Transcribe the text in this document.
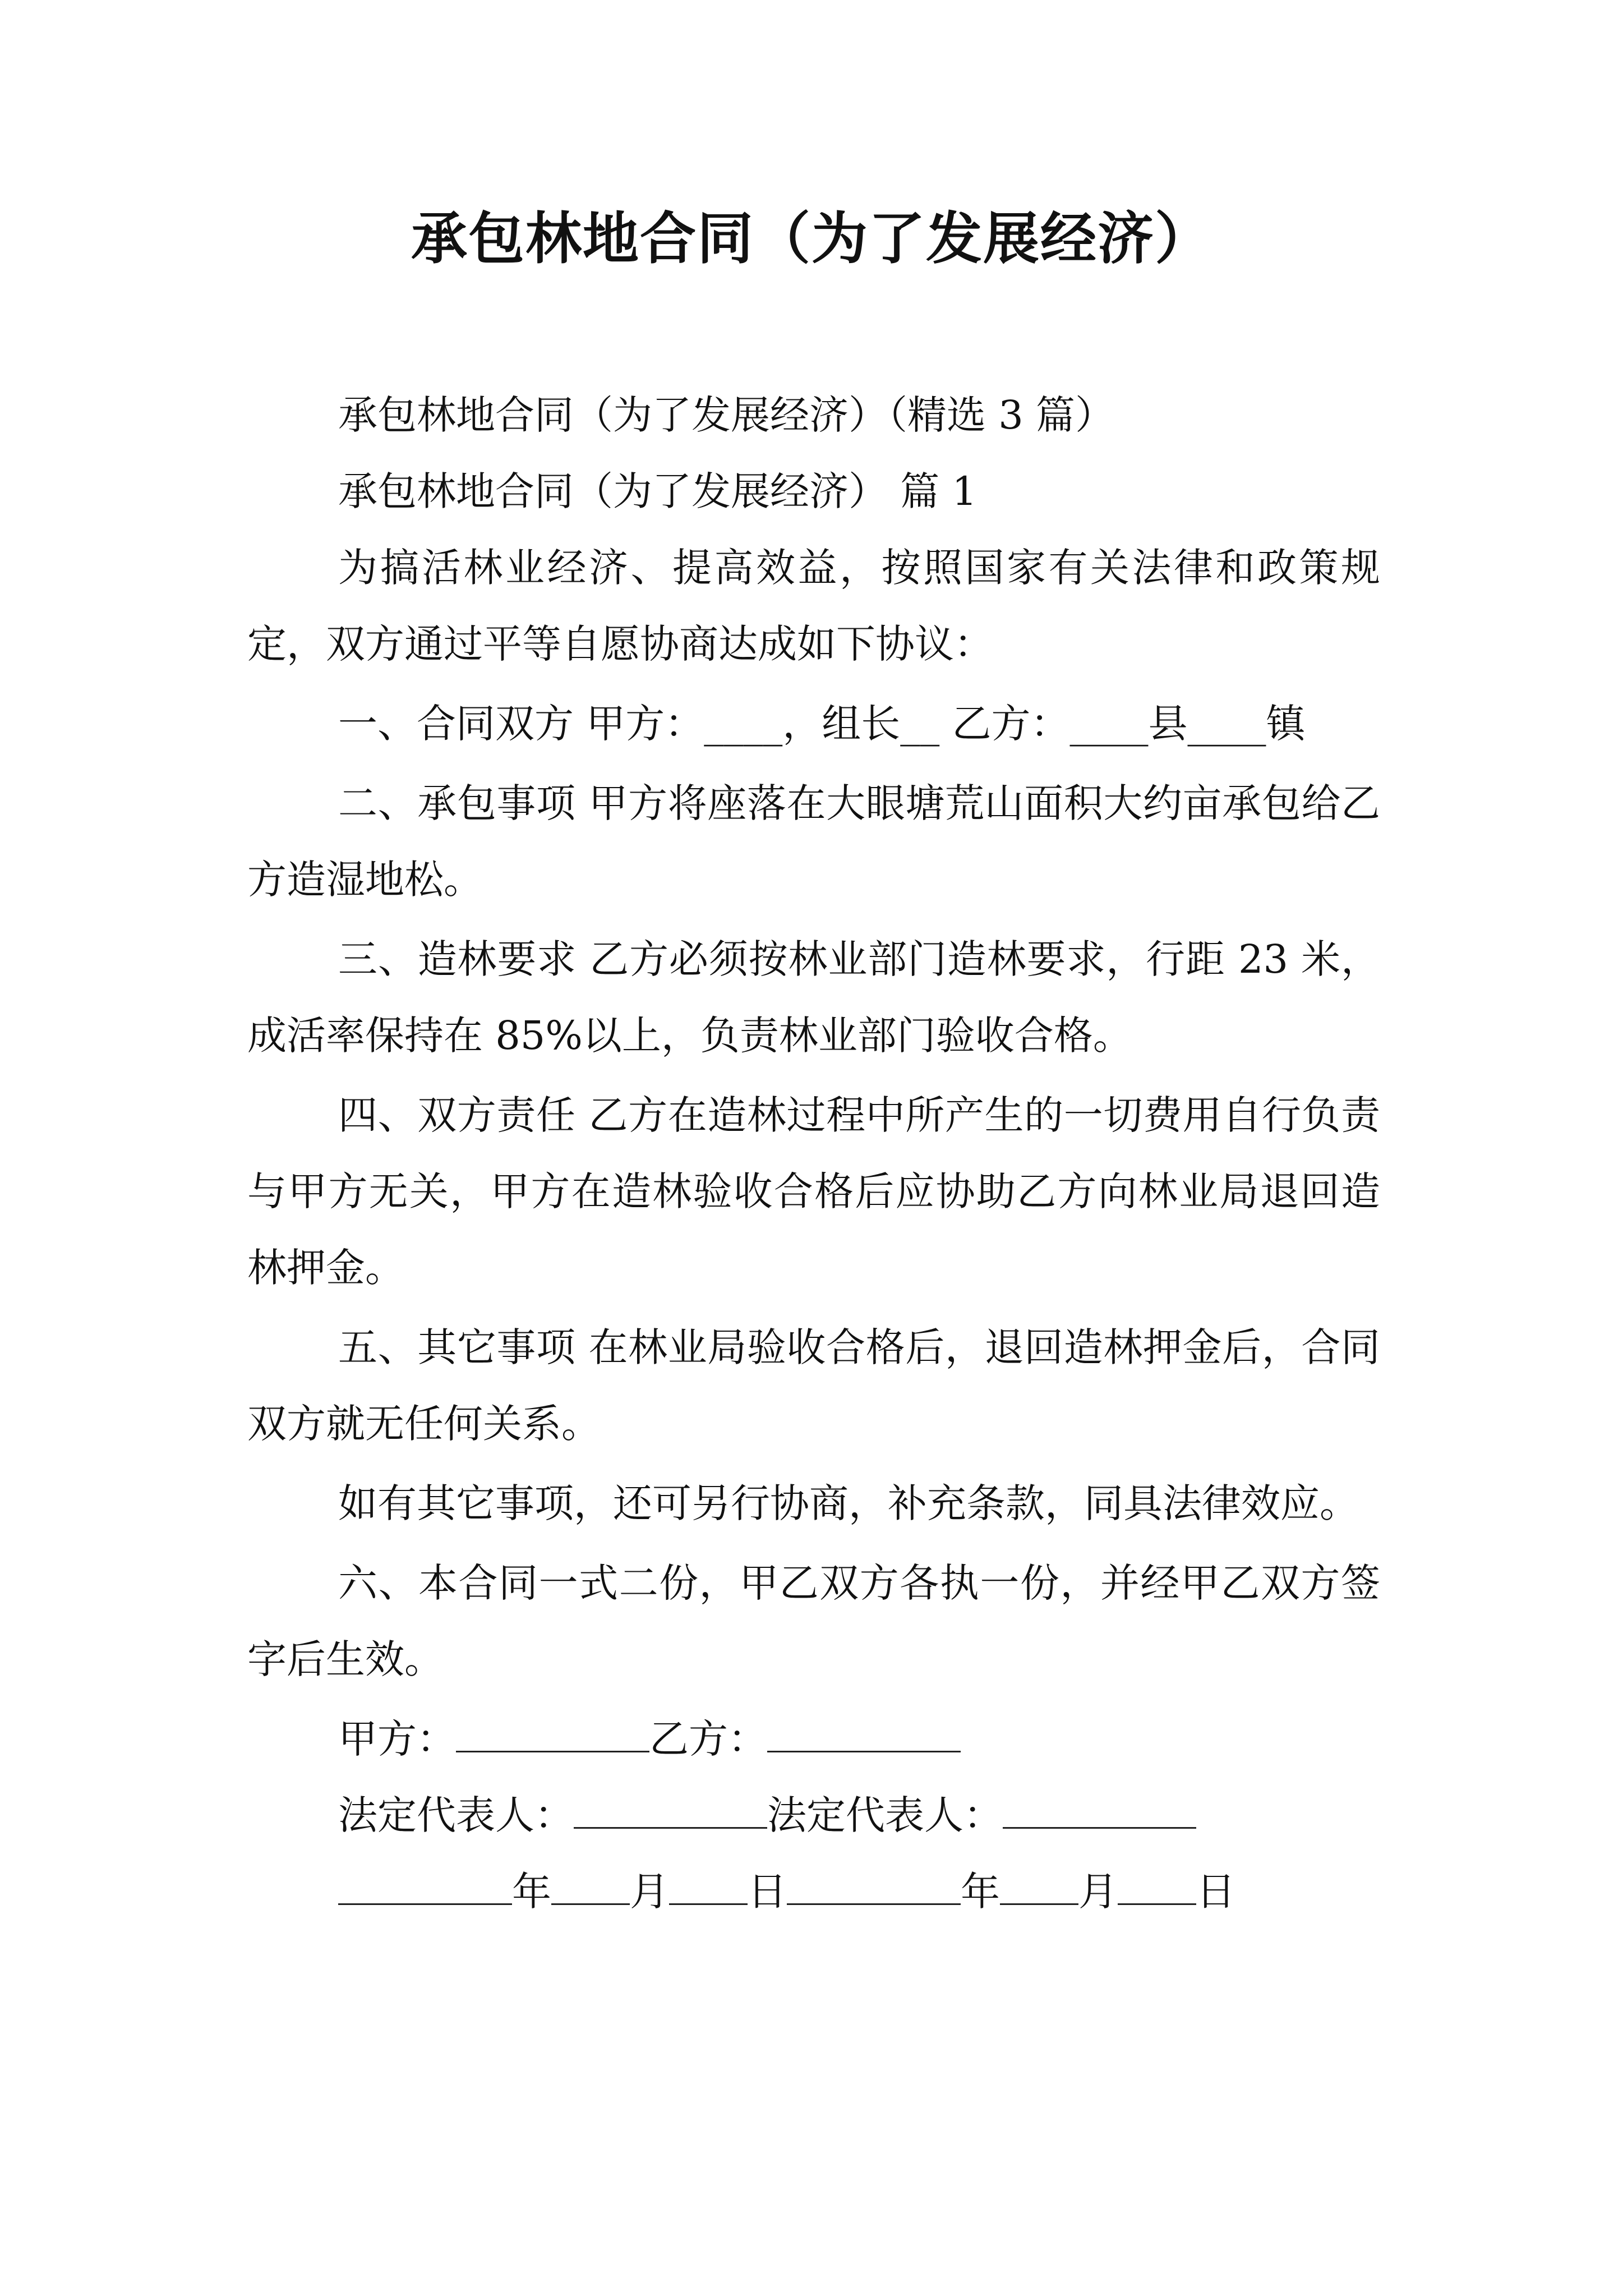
承包林地合同（为了发展经济）

承包林地合同（为了发展经济）（精选 3 篇）

承包林地合同（为了发展经济） 篇 1

为搞活林业经济、提高效益，按照国家有关法律和政策规定，双方通过平等自愿协商达成如下协议：

一、合同双方 甲方：____，组长__ 乙方：____县____镇

二、承包事项 甲方将座落在大眼塘荒山面积大约亩承包给乙方造湿地松。

三、造林要求 乙方必须按林业部门造林要求，行距 23 米，成活率保持在 85%以上，负责林业部门验收合格。

四、双方责任 乙方在造林过程中所产生的一切费用自行负责与甲方无关，甲方在造林验收合格后应协助乙方向林业局退回造林押金。

五、其它事项 在林业局验收合格后，退回造林押金后，合同双方就无任何关系。

如有其它事项，还可另行协商，补充条款，同具法律效应。

六、本合同一式二份，甲乙双方各执一份，并经甲乙双方签字后生效。

甲方：	乙方：

法定代表人：	法定代表人：

年 月 日	年 月 日
